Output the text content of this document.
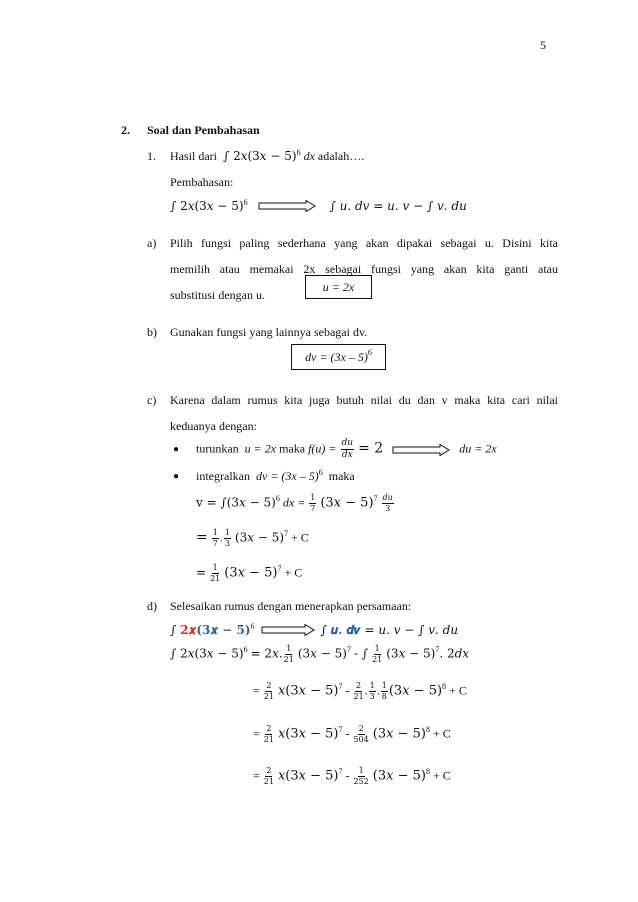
5
2. Soal dan Pembahasan
1. Hasil dari ∫ 2𝑥(3𝑥 − 5)$^6$ dx adalah….
Pembahasan:
∫ 2𝑥(3𝑥 − 5)$^6$	∫ 𝑢. 𝑑𝑣 = 𝑢. 𝑣 − ∫ 𝑣. 𝑑𝑢
a) Pilih fungsi paling sederhana yang akan dipakai sebagai u. Disini kita
memilih atau memakai 2x sebagai fungsi yang akan kita ganti atau
substitusi dengan u.
u = 2x
b) Gunakan fungsi yang lainnya sebagai dv.
dv = (3x – 5) 6
c) Karena dalam rumus kita juga butuh nilai du dan v maka kita cari nilai
keduanya dengan:
● turunkan u = 2x maka $f(u) = \frac{\text{𝑑𝑢}}{\text{𝑑𝑥}} = 2$	du = 2x
● integralkan dv = (3x – 5)$^6$ maka
v = ∫(3𝑥 − 5)$^6$ dx = $\frac{1}{7}$ (3𝑥 − $5)^7 \frac{\text{𝑑𝑢}}{3}$
= $\frac{1}{7}$ . $\frac{1}{3}$ (3𝑥 − 5)$^7$ + C
= $\frac{1}{21}$ (3𝑥 − 5)$^7$ + C
d) Selesaikan rumus dengan menerapkan persamaan:
∫ 𝟐𝒙(𝟑𝒙 − 𝟓)$^6$	∫ 𝒖. 𝒅𝒗 = 𝑢. 𝑣 − ∫ 𝑣. 𝑑𝑢
∫ 2𝑥(3𝑥 − 5)$^6$ = 2𝑥. $\frac{1}{21}$ (3𝑥 − 5)$^7$ - ∫ $\frac{1}{21}$ (3𝑥 − 5)$^7$. 2𝑑𝑥
= $\frac{2}{21}$ 𝑥(3𝑥 − $5)^7 - \frac{2}{21}$ . $\frac{1}{3}$ . $\frac{1}{8}$ (3𝑥 − 5)$^8$ + C
= $\frac{2}{21}$ 𝑥(3𝑥 − $5)^7 - \frac{2}{504}$ (3𝑥 − 5)$^8$ + C
= $\frac{2}{21}$ 𝑥(3𝑥 − $5)^7 - \frac{1}{252}$ (3𝑥 − 5)$^8$ + C
